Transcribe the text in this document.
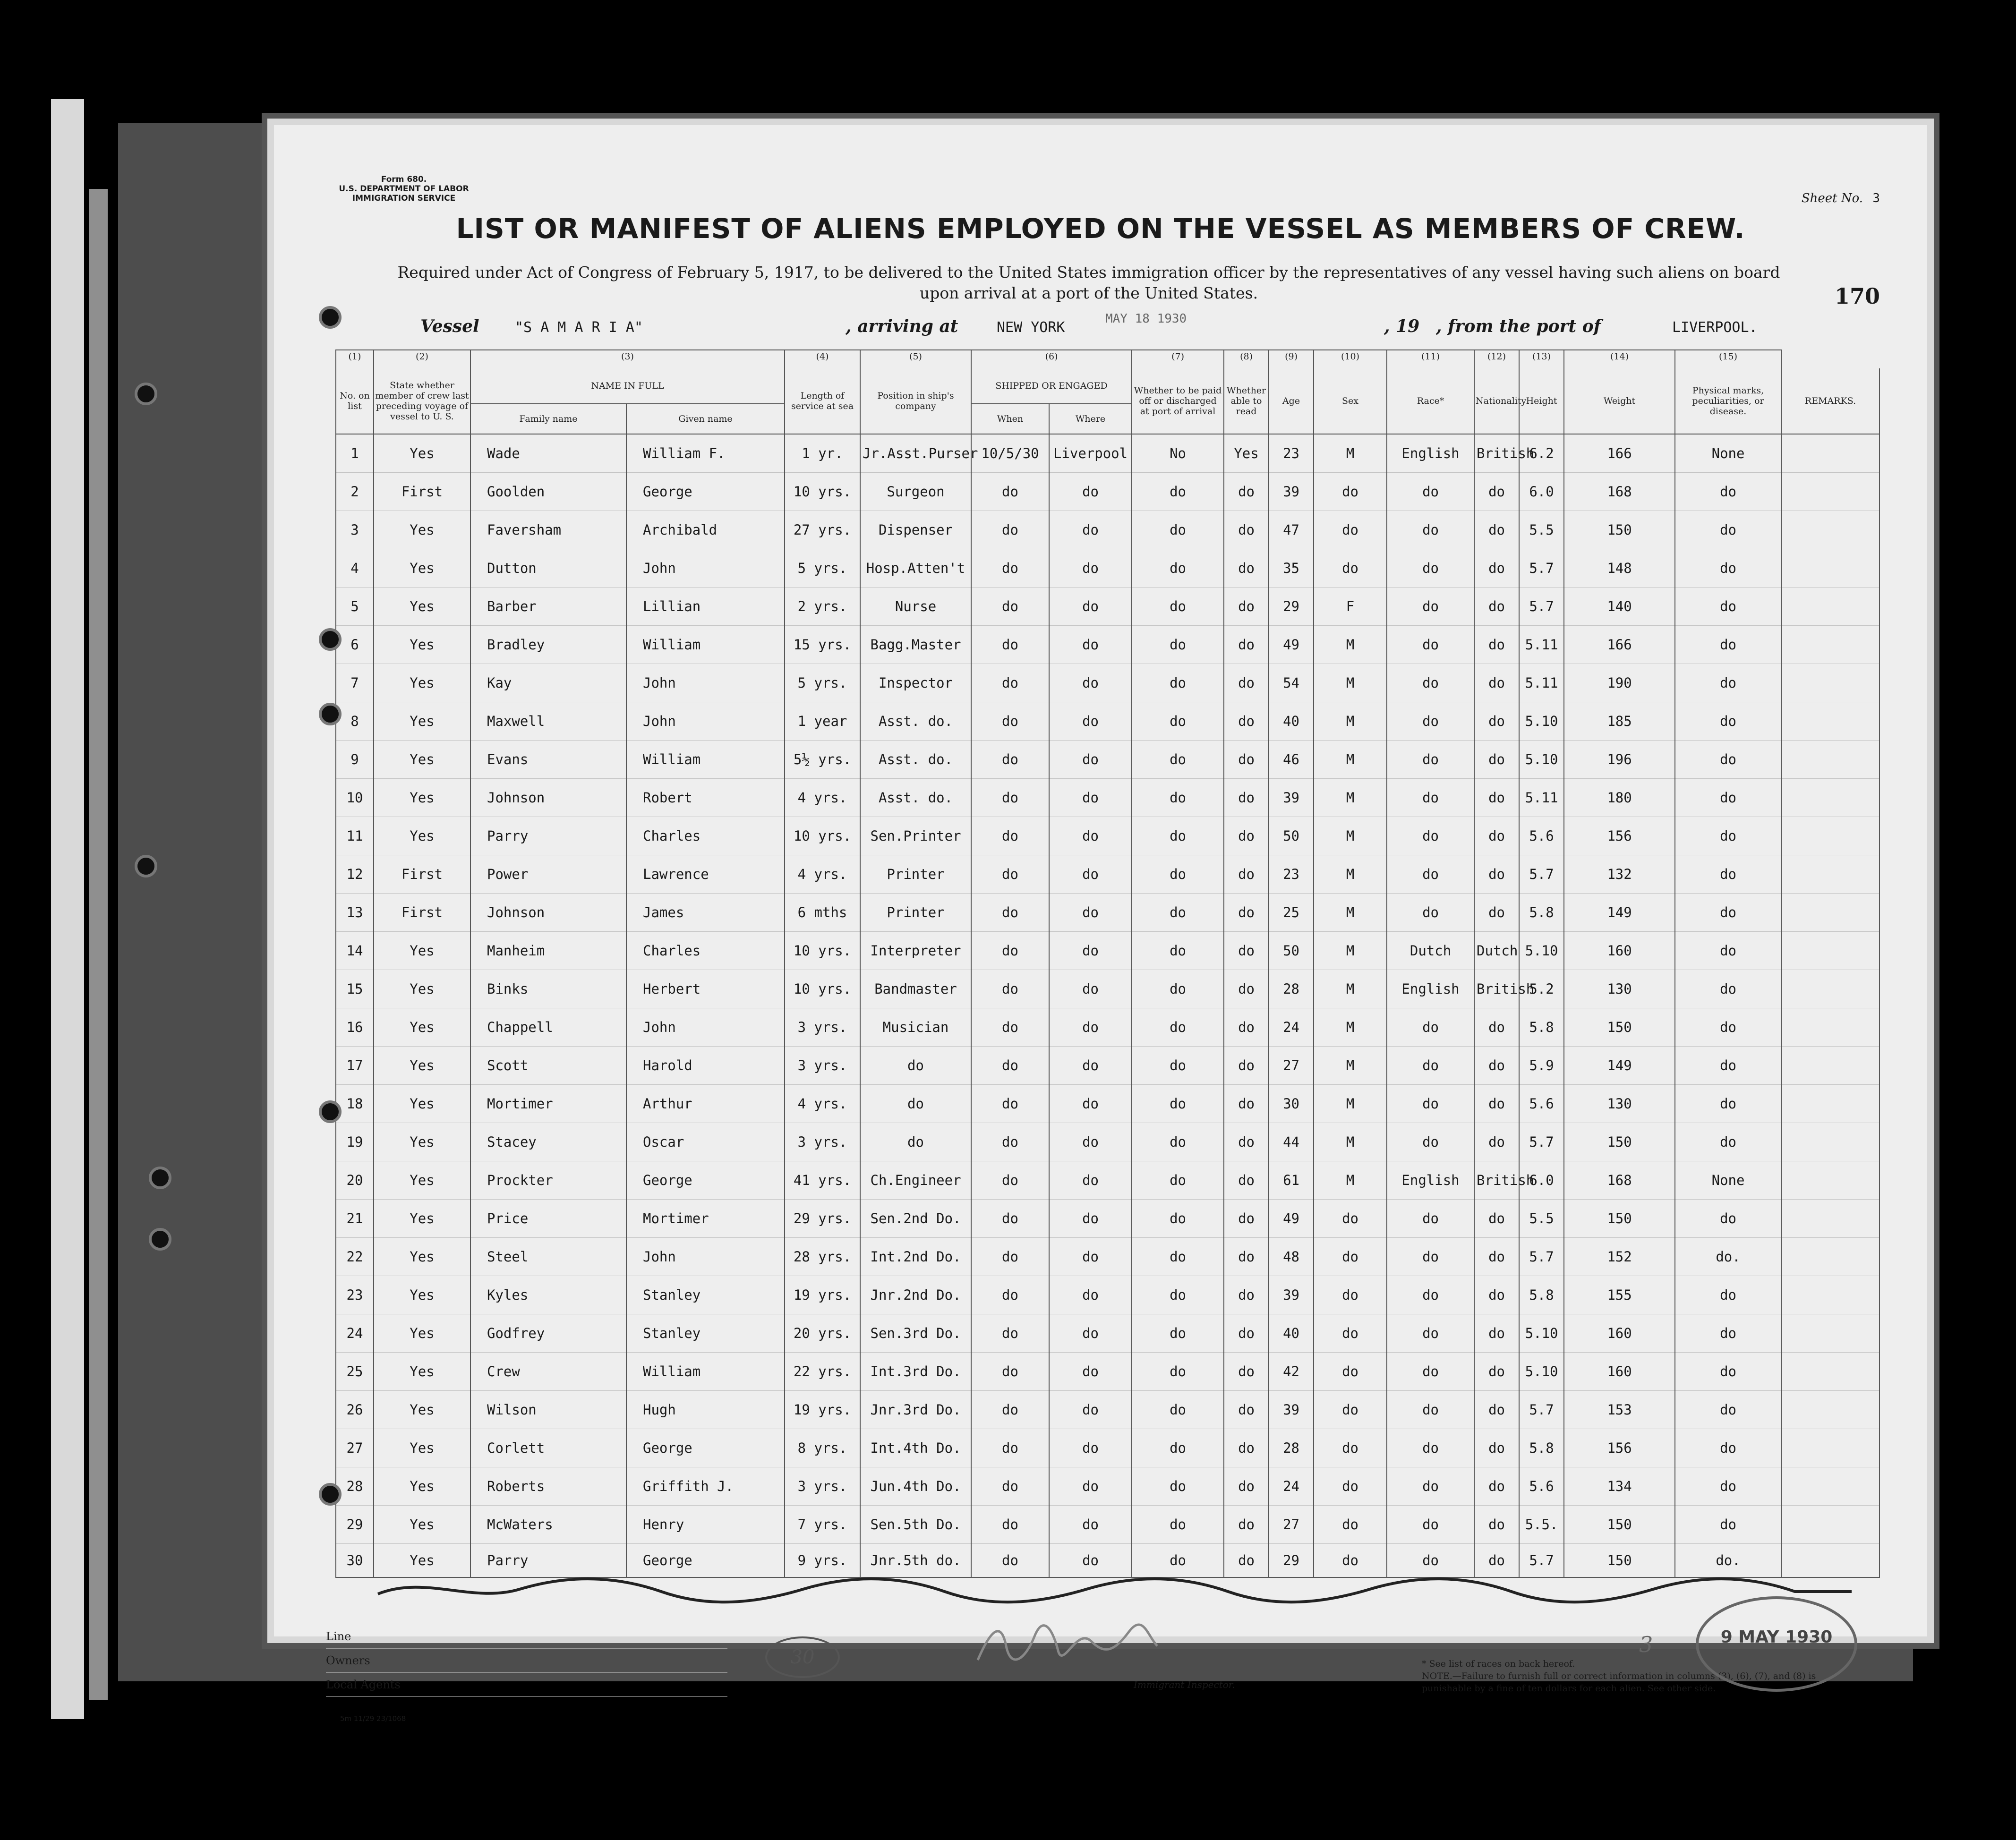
Form 680.
U.S. DEPARTMENT OF LABOR
IMMIGRATION SERVICE	Sheet No. 3
LIST OR MANIFEST OF ALIENS EMPLOYED ON THE VESSEL AS MEMBERS OF CREW.
Required under Act of Congress of February 5, 1917, to be delivered to the United States immigration officer by the representatives of any vessel having such aliens on board upon arrival at a port of the United States.	170
Vessel	"S A M A R I A"	, arriving at	NEW YORK	, 19 , from the port of	LIVERPOOL.
MAY 18 1930
(1)	(2)	(3)		(4)	(5)	(6)		(7)	(8)	(9)	(10)	(11)	(12)	(13)	(14)	(15)	
No. on list	State whether member of crew last preceding voyage of vessel to U. S.	NAME IN FULL		Length of service at sea	Position in ship's company	SHIPPED OR ENGAGED		Whether to be paid off or discharged at port of arrival	Whether able to read	Age	Sex	Race*	Nationality	Height	Weight	Physical marks, peculiarities, or disease.	REMARKS.
		Family name	Given name			When	Where										
1	Yes	Wade	William F.	1 yr.	Jr.Asst.Purser	10/5/30	Liverpool	No	Yes	23	M	English	British	6.2	166	None	
2	First	Goolden	George	10 yrs.	Surgeon	do	do	do	do	39	do	do	do	6.0	168	do	
3	Yes	Faversham	Archibald	27 yrs.	Dispenser	do	do	do	do	47	do	do	do	5.5	150	do	
4	Yes	Dutton	John	5 yrs.	Hosp.Atten't	do	do	do	do	35	do	do	do	5.7	148	do	
5	Yes	Barber	Lillian	2 yrs.	Nurse	do	do	do	do	29	F	do	do	5.7	140	do	
6	Yes	Bradley	William	15 yrs.	Bagg.Master	do	do	do	do	49	M	do	do	5.11	166	do	
7	Yes	Kay	John	5 yrs.	Inspector	do	do	do	do	54	M	do	do	5.11	190	do	
8	Yes	Maxwell	John	1 year	Asst. do.	do	do	do	do	40	M	do	do	5.10	185	do	
9	Yes	Evans	William	5½ yrs.	Asst. do.	do	do	do	do	46	M	do	do	5.10	196	do	
10	Yes	Johnson	Robert	4 yrs.	Asst. do.	do	do	do	do	39	M	do	do	5.11	180	do	
11	Yes	Parry	Charles	10 yrs.	Sen.Printer	do	do	do	do	50	M	do	do	5.6	156	do	
12	First	Power	Lawrence	4 yrs.	Printer	do	do	do	do	23	M	do	do	5.7	132	do	
13	First	Johnson	James	6 mths	Printer	do	do	do	do	25	M	do	do	5.8	149	do	
14	Yes	Manheim	Charles	10 yrs.	Interpreter	do	do	do	do	50	M	Dutch	Dutch	5.10	160	do	
15	Yes	Binks	Herbert	10 yrs.	Bandmaster	do	do	do	do	28	M	English	British	5.2	130	do	
16	Yes	Chappell	John	3 yrs.	Musician	do	do	do	do	24	M	do	do	5.8	150	do	
17	Yes	Scott	Harold	3 yrs.	do	do	do	do	do	27	M	do	do	5.9	149	do	
18	Yes	Mortimer	Arthur	4 yrs.	do	do	do	do	do	30	M	do	do	5.6	130	do	
19	Yes	Stacey	Oscar	3 yrs.	do	do	do	do	do	44	M	do	do	5.7	150	do	
20	Yes	Prockter	George	41 yrs.	Ch.Engineer	do	do	do	do	61	M	English	British	6.0	168	None	
21	Yes	Price	Mortimer	29 yrs.	Sen.2nd Do.	do	do	do	do	49	do	do	do	5.5	150	do	
22	Yes	Steel	John	28 yrs.	Int.2nd Do.	do	do	do	do	48	do	do	do	5.7	152	do.	
23	Yes	Kyles	Stanley	19 yrs.	Jnr.2nd Do.	do	do	do	do	39	do	do	do	5.8	155	do	
24	Yes	Godfrey	Stanley	20 yrs.	Sen.3rd Do.	do	do	do	do	40	do	do	do	5.10	160	do	
25	Yes	Crew	William	22 yrs.	Int.3rd Do.	do	do	do	do	42	do	do	do	5.10	160	do	
26	Yes	Wilson	Hugh	19 yrs.	Jnr.3rd Do.	do	do	do	do	39	do	do	do	5.7	153	do	
27	Yes	Corlett	George	8 yrs.	Int.4th Do.	do	do	do	do	28	do	do	do	5.8	156	do	
28	Yes	Roberts	Griffith J.	3 yrs.	Jun.4th Do.	do	do	do	do	24	do	do	do	5.6	134	do	
29	Yes	McWaters	Henry	7 yrs.	Sen.5th Do.	do	do	do	do	27	do	do	do	5.5.	150	do	
30	Yes	Parry	George	9 yrs.	Jnr.5th do.	do	do	do	do	29	do	do	do	5.7	150	do.	
Line
Owners
Local Agents
5m 11/29 23/1068
30
Immigrant Inspector.
3
* See list of races on back hereof.
NOTE.—Failure to furnish full or correct information in columns (3), (6), (7), and (8) is punishable by a fine of ten dollars for each alien. See other side.
9 MAY 1930
